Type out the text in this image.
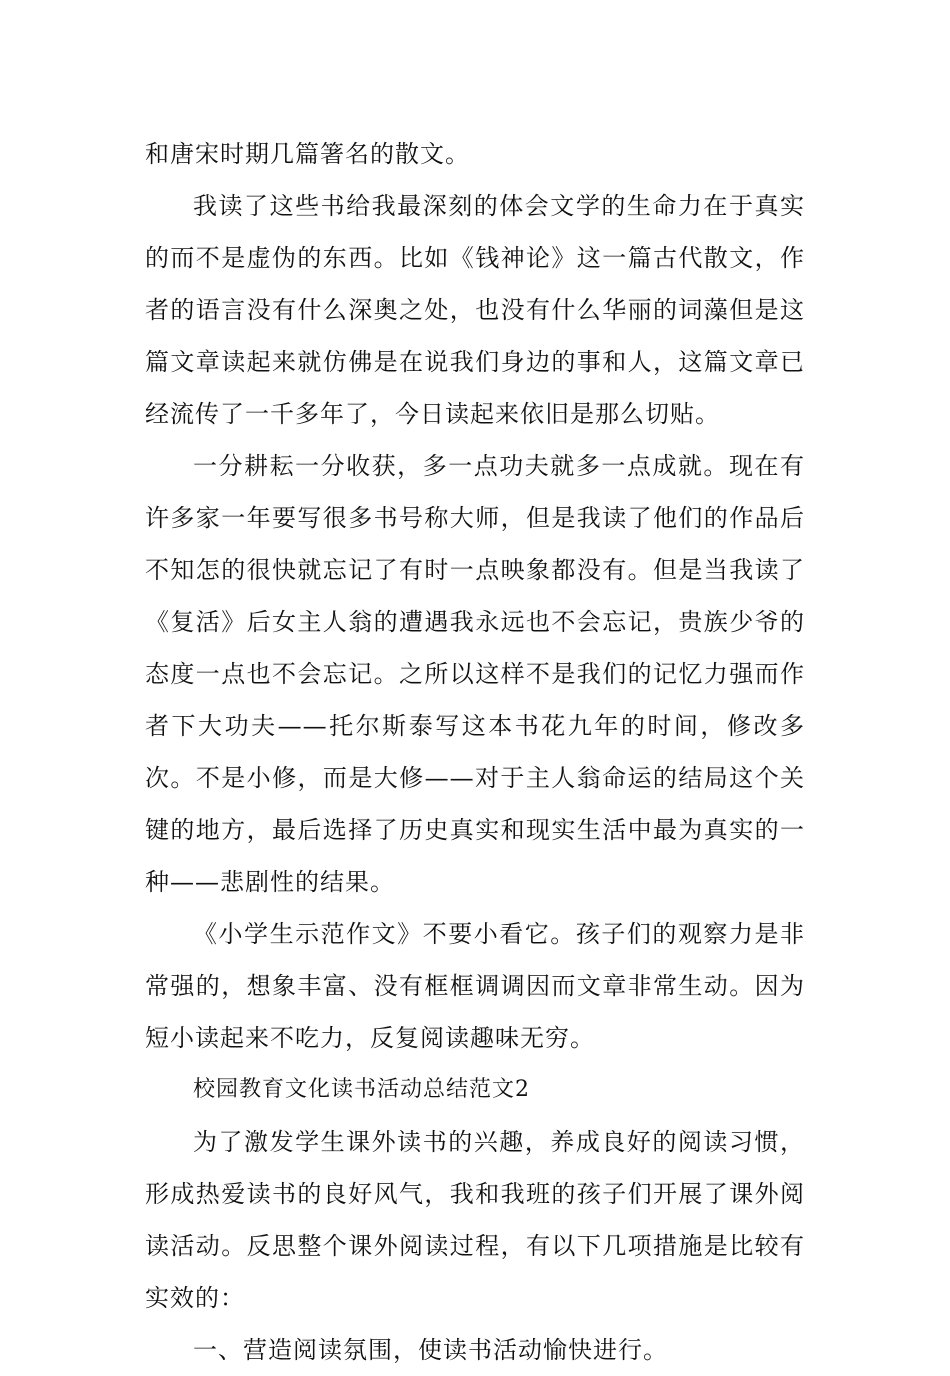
和唐宋时期几篇箸名的散文。

我读了这些书给我最深刻的体会文学的生命力在于真实的而不是虚伪的东西。比如《钱神论》这一篇古代散文，作者的语言没有什么深奥之处，也没有什么华丽的词藻但是这篇文章读起来就仿佛是在说我们身边的事和人，这篇文章已经流传了一千多年了，今日读起来依旧是那么切贴。

一分耕耘一分收获，多一点功夫就多一点成就。现在有许多家一年要写很多书号称大师，但是我读了他们的作品后不知怎的很快就忘记了有时一点映象都没有。但是当我读了《复活》后女主人翁的遭遇我永远也不会忘记，贵族少爷的态度一点也不会忘记。之所以这样不是我们的记忆力强而作者下大功夫——托尔斯泰写这本书花九年的时间，修改多次。不是小修，而是大修——对于主人翁命运的结局这个关键的地方，最后选择了历史真实和现实生活中最为真实的一种——悲剧性的结果。

《小学生示范作文》不要小看它。孩子们的观察力是非常强的，想象丰富、没有框框调调因而文章非常生动。因为短小读起来不吃力，反复阅读趣味无穷。

校园教育文化读书活动总结范文2

为了激发学生课外读书的兴趣，养成良好的阅读习惯，形成热爱读书的良好风气，我和我班的孩子们开展了课外阅读活动。反思整个课外阅读过程，有以下几项措施是比较有实效的：

一、营造阅读氛围，使读书活动愉快进行。
